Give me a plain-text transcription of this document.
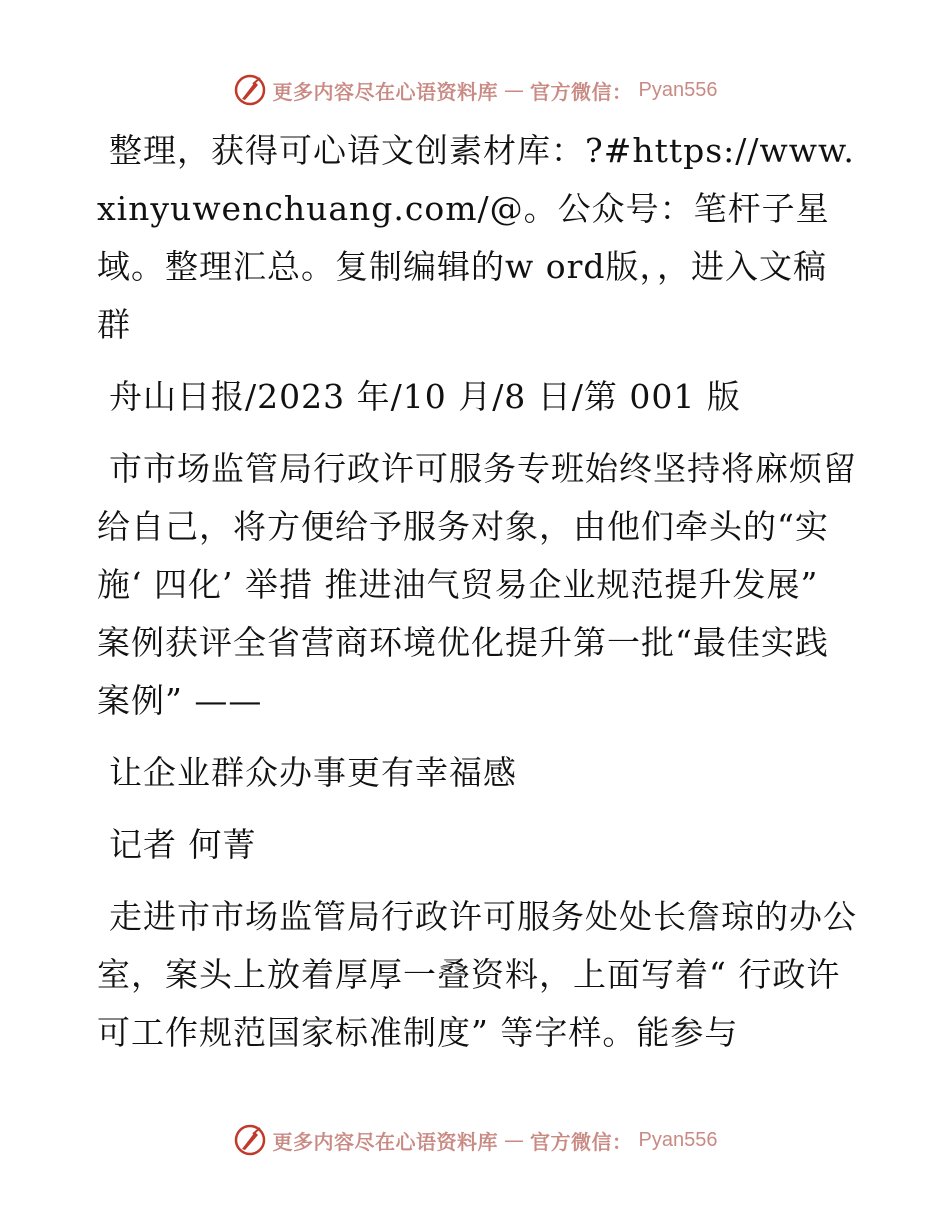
更多内容尽在心语资料库 — 官方微信： Pyan556

整理，获得可心语文创素材库：?#https://www.xinyuwenchuang.com/@。公众号：笔杆子星域。整理汇总。复制编辑的w ord版，，进入文稿群

舟山日报/2023 年/10 月/8 日/第 001 版

市市场监管局行政许可服务专班始终坚持将麻烦留给自己，将方便给予服务对象，由他们牵头的“实施‘ 四化’ 举措 推进油气贸易企业规范提升发展” 案例获评全省营商环境优化提升第一批“最佳实践案例” ——

让企业群众办事更有幸福感

记者 何菁

走进市市场监管局行政许可服务处处长詹琼的办公室，案头上放着厚厚一叠资料，上面写着“ 行政许可工作规范国家标准制度” 等字样。能参与

更多内容尽在心语资料库 — 官方微信： Pyan556
